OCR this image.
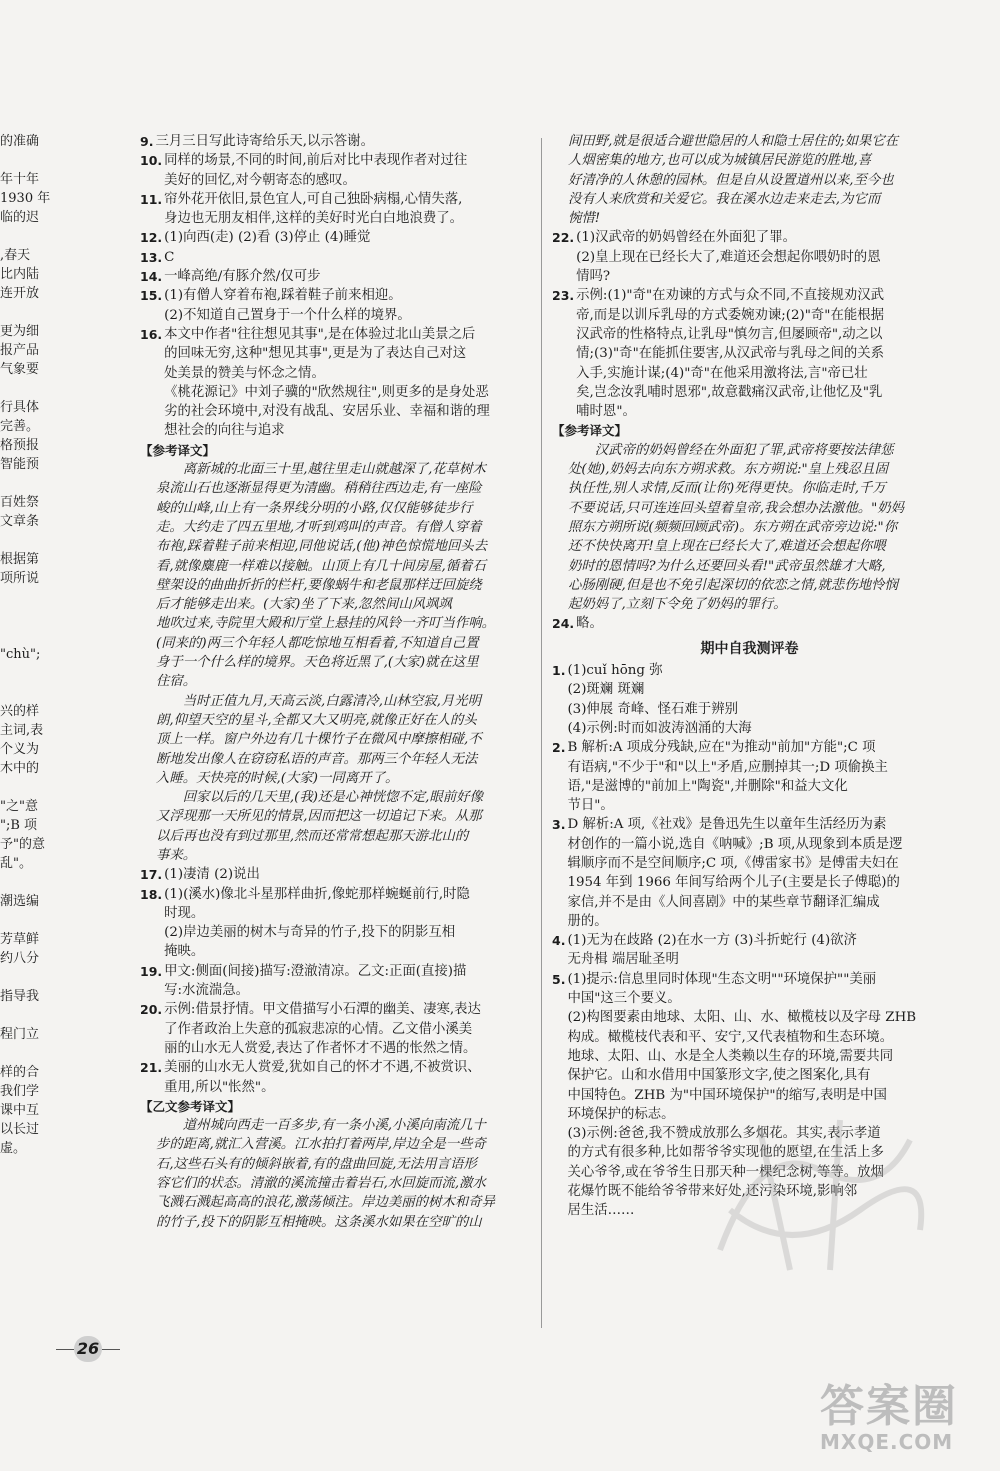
的准确
年十年
1930 年
临的迟
,春天
比内陆
连开放
更为细
报产品
气象要
行具体
完善。
格预报
智能预
百姓祭
文章条
根据第
项所说
"chù";
兴的样
主词,表
个义为
木中的
"之"意
";B 项
予"的意
乱"。
潮选编
芳草鲜
约八分
指导我
程门立
样的合
我们学
课中互
以长过
虚。
9. 三月三日写此诗寄给乐天,以示答谢。
10. 同样的场景,不同的时间,前后对比中表现作者对过往
美好的回忆,对今朝寄态的感叹。
11. 帘外花开依旧,景色宜人,可自己独卧病榻,心情失落,
身边也无朋友相伴,这样的美好时光白白地浪费了。
12. (1)向西(走) (2)看 (3)停止 (4)睡觉
13. C
14. 一峰高绝/有豚介然/仅可步
15. (1)有僧人穿着布袍,踩着鞋子前来相迎。
(2)不知道自己置身于一个什么样的境界。
16. 本文中作者"往往想见其事",是在体验过北山美景之后
的回味无穷,这种"想见其事",更是为了表达自己对这
处美景的赞美与怀念之情。
《桃花源记》中刘子骥的"欣然规往",则更多的是身处恶
劣的社会环境中,对没有战乱、安居乐业、幸福和谐的理
想社会的向往与追求
【参考译文】
离新城的北面三十里,越往里走山就越深了,花草树木
泉流山石也逐渐显得更为清幽。稍稍往西边走,有一座险
峻的山峰,山上有一条界线分明的小路,仅仅能够徒步行
走。大约走了四五里地,才听到鸡叫的声音。有僧人穿着
布袍,踩着鞋子前来相迎,同他说话,(他)神色惊慌地回头去
看,就像麋鹿一样难以接触。山顶上有几十间房屋,循着石
壁架设的曲曲折折的栏杆,要像蜗牛和老鼠那样迂回旋绕
后才能够走出来。(大家)坐了下来,忽然间山风飒飒
地吹过来,寺院里大殿和厅堂上悬挂的风铃一齐叮当作响。
(同来的)两三个年轻人都吃惊地互相看着,不知道自己置
身于一个什么样的境界。天色将近黑了,(大家)就在这里
住宿。
当时正值九月,天高云淡,白露清冷,山林空寂,月光明
朗,仰望天空的星斗,全都又大又明亮,就像正好在人的头
顶上一样。窗户外边有几十棵竹子在微风中摩擦相碰,不
断地发出像人在窃窃私语的声音。那两三个年轻人无法
入睡。天快亮的时候,(大家)一同离开了。
回家以后的几天里,(我)还是心神恍惚不定,眼前好像
又浮现那一天所见的情景,因而把这一切追记下来。从那
以后再也没有到过那里,然而还常常想起那天游北山的
事来。
17. (1)凄清 (2)说出
18. (1)(溪水)像北斗星那样曲折,像蛇那样蜿蜒前行,时隐
时现。
(2)岸边美丽的树木与奇异的竹子,投下的阴影互相
掩映。
19. 甲文:侧面(间接)描写:澄澈清凉。乙文:正面(直接)描
写:水流湍急。
20. 示例:借景抒情。甲文借描写小石潭的幽美、凄寒,表达
了作者政治上失意的孤寂悲凉的心情。乙文借小溪美
丽的山水无人赏爱,表达了作者怀才不遇的怅然之情。
21. 美丽的山水无人赏爱,犹如自己的怀才不遇,不被赏识、
重用,所以"怅然"。
【乙文参考译文】
道州城向西走一百多步,有一条小溪,小溪向南流几十
步的距离,就汇入营溪。江水拍打着两岸,岸边全是一些奇
石,这些石头有的倾斜嵌着,有的盘曲回旋,无法用言语形
容它们的状态。清澈的溪流撞击着岩石,水回旋而流,激水
飞溅石溅起高高的浪花,激荡倾注。岸边美丽的树木和奇异
的竹子,投下的阴影互相掩映。这条溪水如果在空旷的山
间田野,就是很适合避世隐居的人和隐士居住的;如果它在
人烟密集的地方,也可以成为城镇居民游览的胜地,喜
好清净的人休憩的园林。但是自从设置道州以来,至今也
没有人来欣赏和关爱它。我在溪水边走来走去,为它而
惋惜!
22. (1)汉武帝的奶妈曾经在外面犯了罪。
(2)皇上现在已经长大了,难道还会想起你喂奶时的恩
情吗?
23. 示例:(1)"奇"在劝谏的方式与众不同,不直接规劝汉武
帝,而是以训斥乳母的方式委婉劝谏;(2)"奇"在能根据
汉武帝的性格特点,让乳母"慎勿言,但屡顾帝",动之以
情;(3)"奇"在能抓住要害,从汉武帝与乳母之间的关系
入手,实施计谋;(4)"奇"在他采用激将法,言"帝已壮
矣,岂念汝乳哺时恩邪",故意戳痛汉武帝,让他忆及"乳
哺时恩"。
【参考译文】
汉武帝的奶妈曾经在外面犯了罪,武帝将要按法律惩
处(她),奶妈去向东方朔求救。东方朔说:"皇上残忍且固
执任性,别人求情,反而(让你)死得更快。你临走时,千万
不要说话,只可连连回头望着皇帝,我会想办法激他。"奶妈
照东方朔所说(频频回顾武帝)。东方朔在武帝旁边说:"你
还不快快离开!皇上现在已经长大了,难道还会想起你喂
奶时的恩情吗?为什么还要回头看!"武帝虽然雄才大略,
心肠刚硬,但是也不免引起深切的依恋之情,就悲伤地怜悯
起奶妈了,立刻下令免了奶妈的罪行。
24. 略。
期中自我测评卷
1. (1)cuǐ hōng 弥
(2)斑斓 斑斓
(3)伸展 奇峰、怪石难于辨别
(4)示例:时而如波涛汹涌的大海
2. B 解析:A 项成分残缺,应在"为推动"前加"方能";C 项
有语病,"不少于"和"以上"矛盾,应删掉其一;D 项偷换主
语,"是滋博的"前加上"陶瓷",并删除"和益大文化
节日"。
3. D 解析:A 项,《社戏》是鲁迅先生以童年生活经历为素
材创作的一篇小说,选自《呐喊》;B 项,从现象到本质是逻
辑顺序而不是空间顺序;C 项,《傅雷家书》是傅雷夫妇在
1954 年到 1966 年间写给两个儿子(主要是长子傅聪)的
家信,并不是由《人间喜剧》中的某些章节翻译汇编成
册的。
4. (1)无为在歧路 (2)在水一方 (3)斗折蛇行 (4)欲济
无舟楫 端居耻圣明
5. (1)提示:信息里同时体现"生态文明""环境保护""美丽
中国"这三个要义。
(2)构图要素由地球、太阳、山、水、橄榄枝以及字母 ZHB
构成。橄榄枝代表和平、安宁,又代表植物和生态环境。
地球、太阳、山、水是全人类赖以生存的环境,需要共同
保护它。山和水借用中国篆形文字,使之图案化,具有
中国特色。ZHB 为"中国环境保护"的缩写,表明是中国
环境保护的标志。
(3)示例:爸爸,我不赞成放那么多烟花。其实,表示孝道
的方式有很多种,比如帮爷爷实现他的愿望,在生活上多
关心爷爷,或在爷爷生日那天种一棵纪念树,等等。放烟
花爆竹既不能给爷爷带来好处,还污染环境,影响邻
居生活……
26
答案圈
MXQE.COM
